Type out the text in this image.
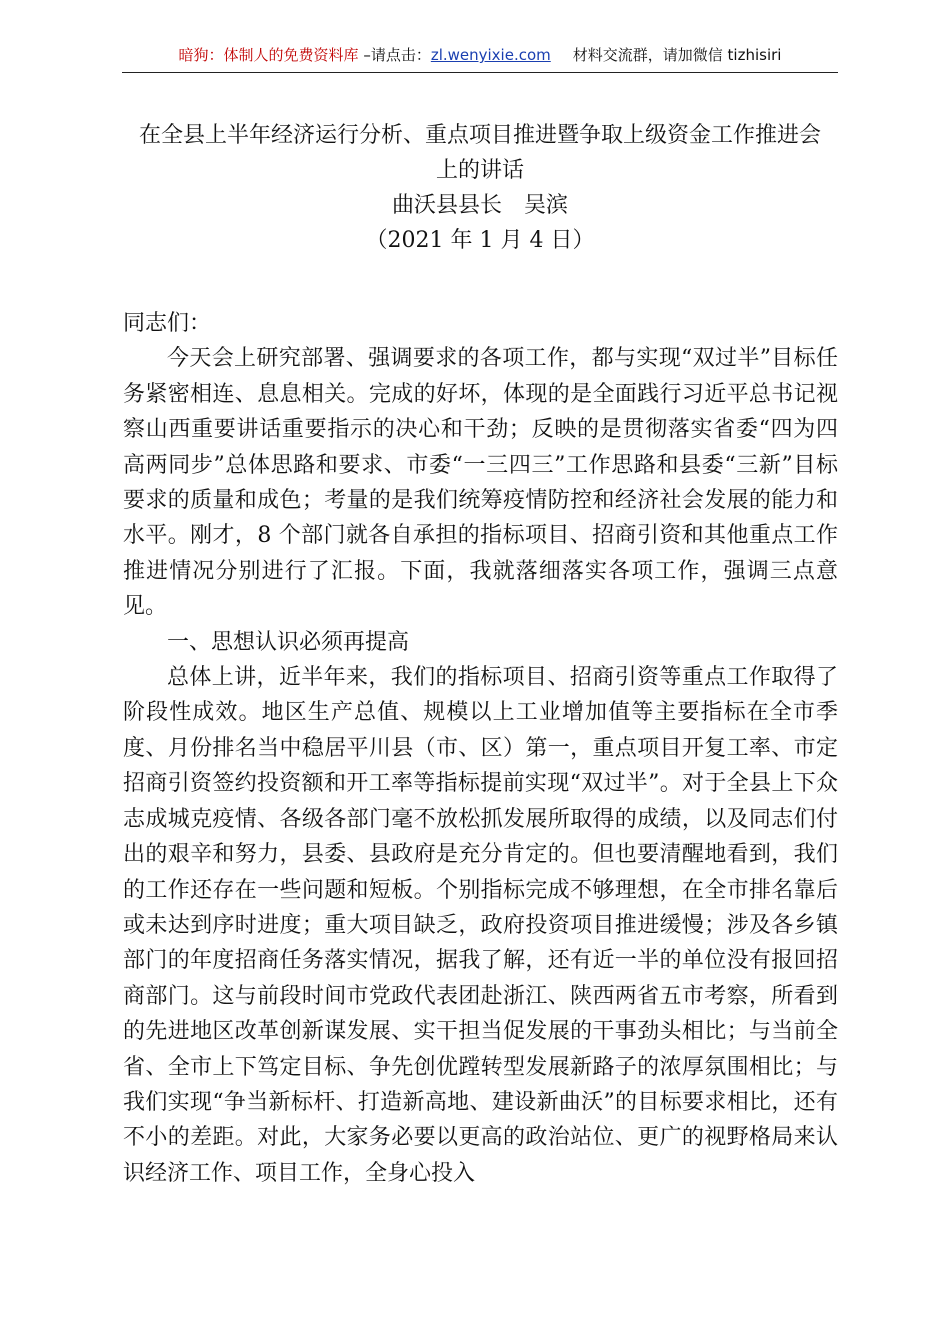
暗狗：体制人的免费资料库 –请点击：zl.wenyixie.com 材料交流群，请加微信 tizhisiri
在全县上半年经济运行分析、重点项目推进暨争取上级资金工作推进会
上的讲话
曲沃县县长　吴滨
（2021 年 1 月 4 日）

同志们：

今天会上研究部署、强调要求的各项工作，都与实现“双过半”目标任务紧密相连、息息相关。完成的好坏，体现的是全面践行习近平总书记视察山西重要讲话重要指示的决心和干劲；反映的是贯彻落实省委“四为四高两同步”总体思路和要求、市委“一三四三”工作思路和县委“三新”目标要求的质量和成色；考量的是我们统筹疫情防控和经济社会发展的能力和水平。刚才，8 个部门就各自承担的指标项目、招商引资和其他重点工作推进情况分别进行了汇报。下面，我就落细落实各项工作，强调三点意见。

一、思想认识必须再提高

总体上讲，近半年来，我们的指标项目、招商引资等重点工作取得了阶段性成效。地区生产总值、规模以上工业增加值等主要指标在全市季度、月份排名当中稳居平川县（市、区）第一，重点项目开复工率、市定招商引资签约投资额和开工率等指标提前实现“双过半”。对于全县上下众志成城克疫情、各级各部门毫不放松抓发展所取得的成绩，以及同志们付出的艰辛和努力，县委、县政府是充分肯定的。但也要清醒地看到，我们的工作还存在一些问题和短板。个别指标完成不够理想，在全市排名靠后或未达到序时进度；重大项目缺乏，政府投资项目推进缓慢；涉及各乡镇部门的年度招商任务落实情况，据我了解，还有近一半的单位没有报回招商部门。这与前段时间市党政代表团赴浙江、陕西两省五市考察，所看到的先进地区改革创新谋发展、实干担当促发展的干事劲头相比；与当前全省、全市上下笃定目标、争先创优蹚转型发展新路子的浓厚氛围相比；与我们实现“争当新标杆、打造新高地、建设新曲沃”的目标要求相比，还有不小的差距。对此，大家务必要以更高的政治站位、更广的视野格局来认识经济工作、项目工作，全身心投入
